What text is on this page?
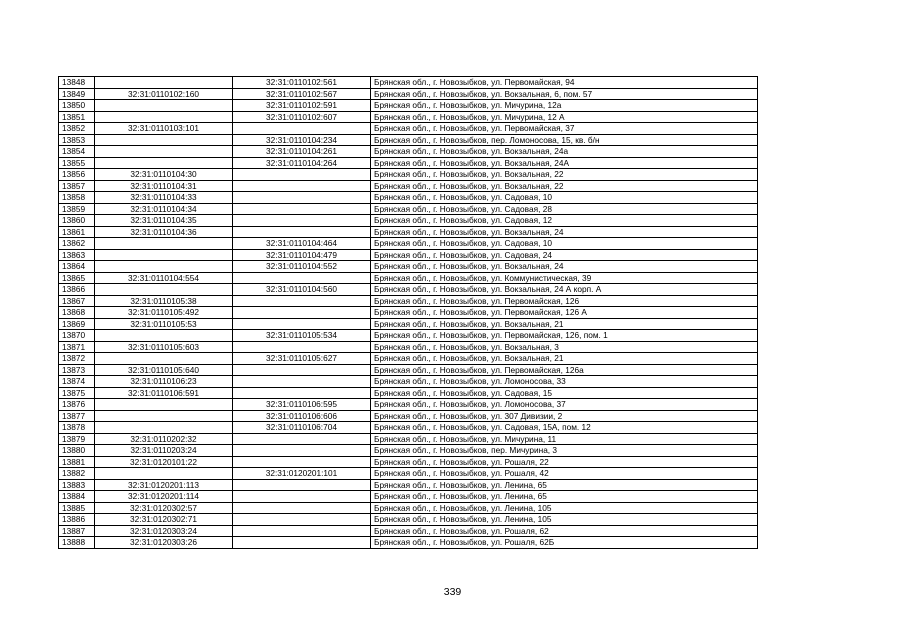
13848		32:31:0110102:561	Брянская обл., г. Новозыбков, ул. Первомайская, 94
13849	32:31:0110102:160	32:31:0110102:567	Брянская обл., г. Новозыбков, ул. Вокзальная, 6, пом. 57
13850		32:31:0110102:591	Брянская обл., г. Новозыбков, ул. Мичурина, 12а
13851		32:31:0110102:607	Брянская обл., г. Новозыбков, ул. Мичурина, 12 А
13852	32:31:0110103:101		Брянская обл., г. Новозыбков, ул. Первомайская, 37
13853		32:31:0110104:234	Брянская обл., г. Новозыбков, пер. Ломоносова, 15, кв. б/н
13854		32:31:0110104:261	Брянская обл., г. Новозыбков, ул. Вокзальная, 24а
13855		32:31:0110104:264	Брянская обл., г. Новозыбков, ул. Вокзальная, 24А
13856	32:31:0110104:30		Брянская обл., г. Новозыбков, ул. Вокзальная, 22
13857	32:31:0110104:31		Брянская обл., г. Новозыбков, ул. Вокзальная, 22
13858	32:31:0110104:33		Брянская обл., г. Новозыбков, ул. Садовая, 10
13859	32:31:0110104:34		Брянская обл., г. Новозыбков, ул. Садовая, 28
13860	32:31:0110104:35		Брянская обл., г. Новозыбков, ул. Садовая, 12
13861	32:31:0110104:36		Брянская обл., г. Новозыбков, ул. Вокзальная, 24
13862		32:31:0110104:464	Брянская обл., г. Новозыбков, ул. Садовая, 10
13863		32:31:0110104:479	Брянская обл., г. Новозыбков, ул. Садовая, 24
13864		32:31:0110104:552	Брянская обл., г. Новозыбков, ул. Вокзальная, 24
13865	32:31:0110104:554		Брянская обл., г. Новозыбков, ул. Коммунистическая, 39
13866		32:31:0110104:560	Брянская обл., г. Новозыбков, ул. Вокзальная, 24 А корп. А
13867	32:31:0110105:38		Брянская обл., г. Новозыбков, ул. Первомайская, 126
13868	32:31:0110105:492		Брянская обл., г. Новозыбков, ул. Первомайская, 126 А
13869	32:31:0110105:53		Брянская обл., г. Новозыбков, ул. Вокзальная, 21
13870		32:31:0110105:534	Брянская обл., г. Новозыбков, ул. Первомайская, 126, пом. 1
13871	32:31:0110105:603		Брянская обл., г. Новозыбков, ул. Вокзальная, 3
13872		32:31:0110105:627	Брянская обл., г. Новозыбков, ул. Вокзальная, 21
13873	32:31:0110105:640		Брянская обл., г. Новозыбков, ул. Первомайская, 126а
13874	32:31:0110106:23		Брянская обл., г. Новозыбков, ул. Ломоносова, 33
13875	32:31:0110106:591		Брянская обл., г. Новозыбков, ул. Садовая, 15
13876		32:31:0110106:595	Брянская обл., г. Новозыбков, ул. Ломоносова, 37
13877		32:31:0110106:606	Брянская обл., г. Новозыбков, ул. 307 Дивизии, 2
13878		32:31:0110106:704	Брянская обл., г. Новозыбков, ул. Садовая, 15А, пом. 12
13879	32:31:0110202:32		Брянская обл., г. Новозыбков, ул. Мичурина, 11
13880	32:31:0110203:24		Брянская обл., г. Новозыбков, пер. Мичурина, 3
13881	32:31:0120101:22		Брянская обл., г. Новозыбков, ул. Рошаля, 22
13882		32:31:0120201:101	Брянская обл., г. Новозыбков, ул. Рошаля, 42
13883	32:31:0120201:113		Брянская обл., г. Новозыбков, ул. Ленина, 65
13884	32:31:0120201:114		Брянская обл., г. Новозыбков, ул. Ленина, 65
13885	32:31:0120302:57		Брянская обл., г. Новозыбков, ул. Ленина, 105
13886	32:31:0120302:71		Брянская обл., г. Новозыбков, ул. Ленина, 105
13887	32:31:0120303:24		Брянская обл., г. Новозыбков, ул. Рошаля, 62
13888	32:31:0120303:26		Брянская обл., г. Новозыбков, ул. Рошаля, 62Б
339
